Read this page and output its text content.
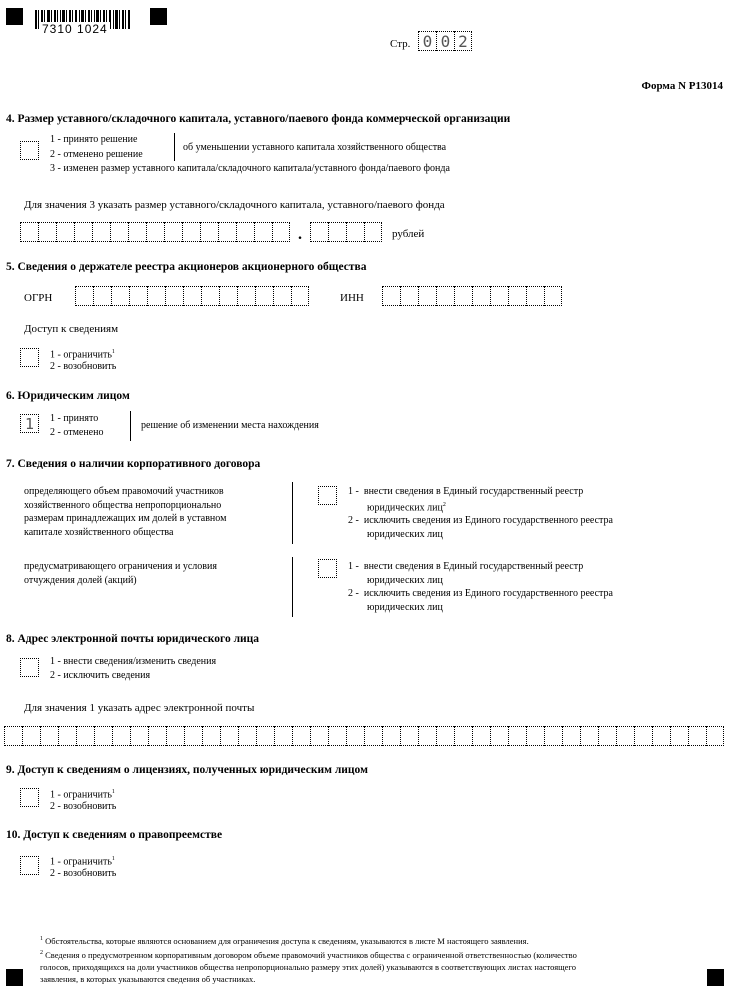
7310 1024
Стр. 0 0 2
Форма N Р13014
4. Размер уставного/складочного капитала, уставного/паевого фонда коммерческой организации
1 - принято решение
2 - отменено решение
об уменьшении уставного капитала хозяйственного общества
3 - изменен размер уставного капитала/складочного капитала/уставного фонда/паевого фонда
Для значения 3 указать размер уставного/складочного капитала, уставного/паевого фонда
.	рублей
5. Сведения о держателе реестра акционеров акционерного общества
ОГРН	ИНН
Доступ к сведениям
1 - ограничить$^1$
2 - возобновить
6. Юридическим лицом
1	1 - принято
2 - отменено
решение об изменении места нахождения
7. Сведения о наличии корпоративного договора
определяющего объем правомочий участников
хозяйственного общества непропорционально
размерам принадлежащих им долей в уставном
капитале хозяйственного общества
1 - внести сведения в Единый государственный реестр
юридических лиц$^2$
2 - исключить сведения из Единого государственного реестра
юридических лиц
предусматривающего ограничения и условия
отчуждения долей (акций)
1 - внести сведения в Единый государственный реестр
юридических лиц
2 - исключить сведения из Единого государственного реестра
юридических лиц
8. Адрес электронной почты юридического лица
1 - внести сведения/изменить сведения
2 - исключить сведения
Для значения 1 указать адрес электронной почты
9. Доступ к сведениям о лицензиях, полученных юридическим лицом
1 - ограничить$^1$
2 - возобновить
10. Доступ к сведениям о правопреемстве
1 - ограничить$^1$
2 - возобновить
$^1$ Обстоятельства, которые являются основанием для ограничения доступа к сведениям, указываются в листе М настоящего заявления.
$^2$ Сведения о предусмотренном корпоративным договором объеме правомочий участников общества с ограниченной ответственностью (количество
голосов, приходящихся на доли участников общества непропорционально размеру этих долей) указываются в соответствующих листах настоящего
заявления, в которых указываются сведения об участниках.
